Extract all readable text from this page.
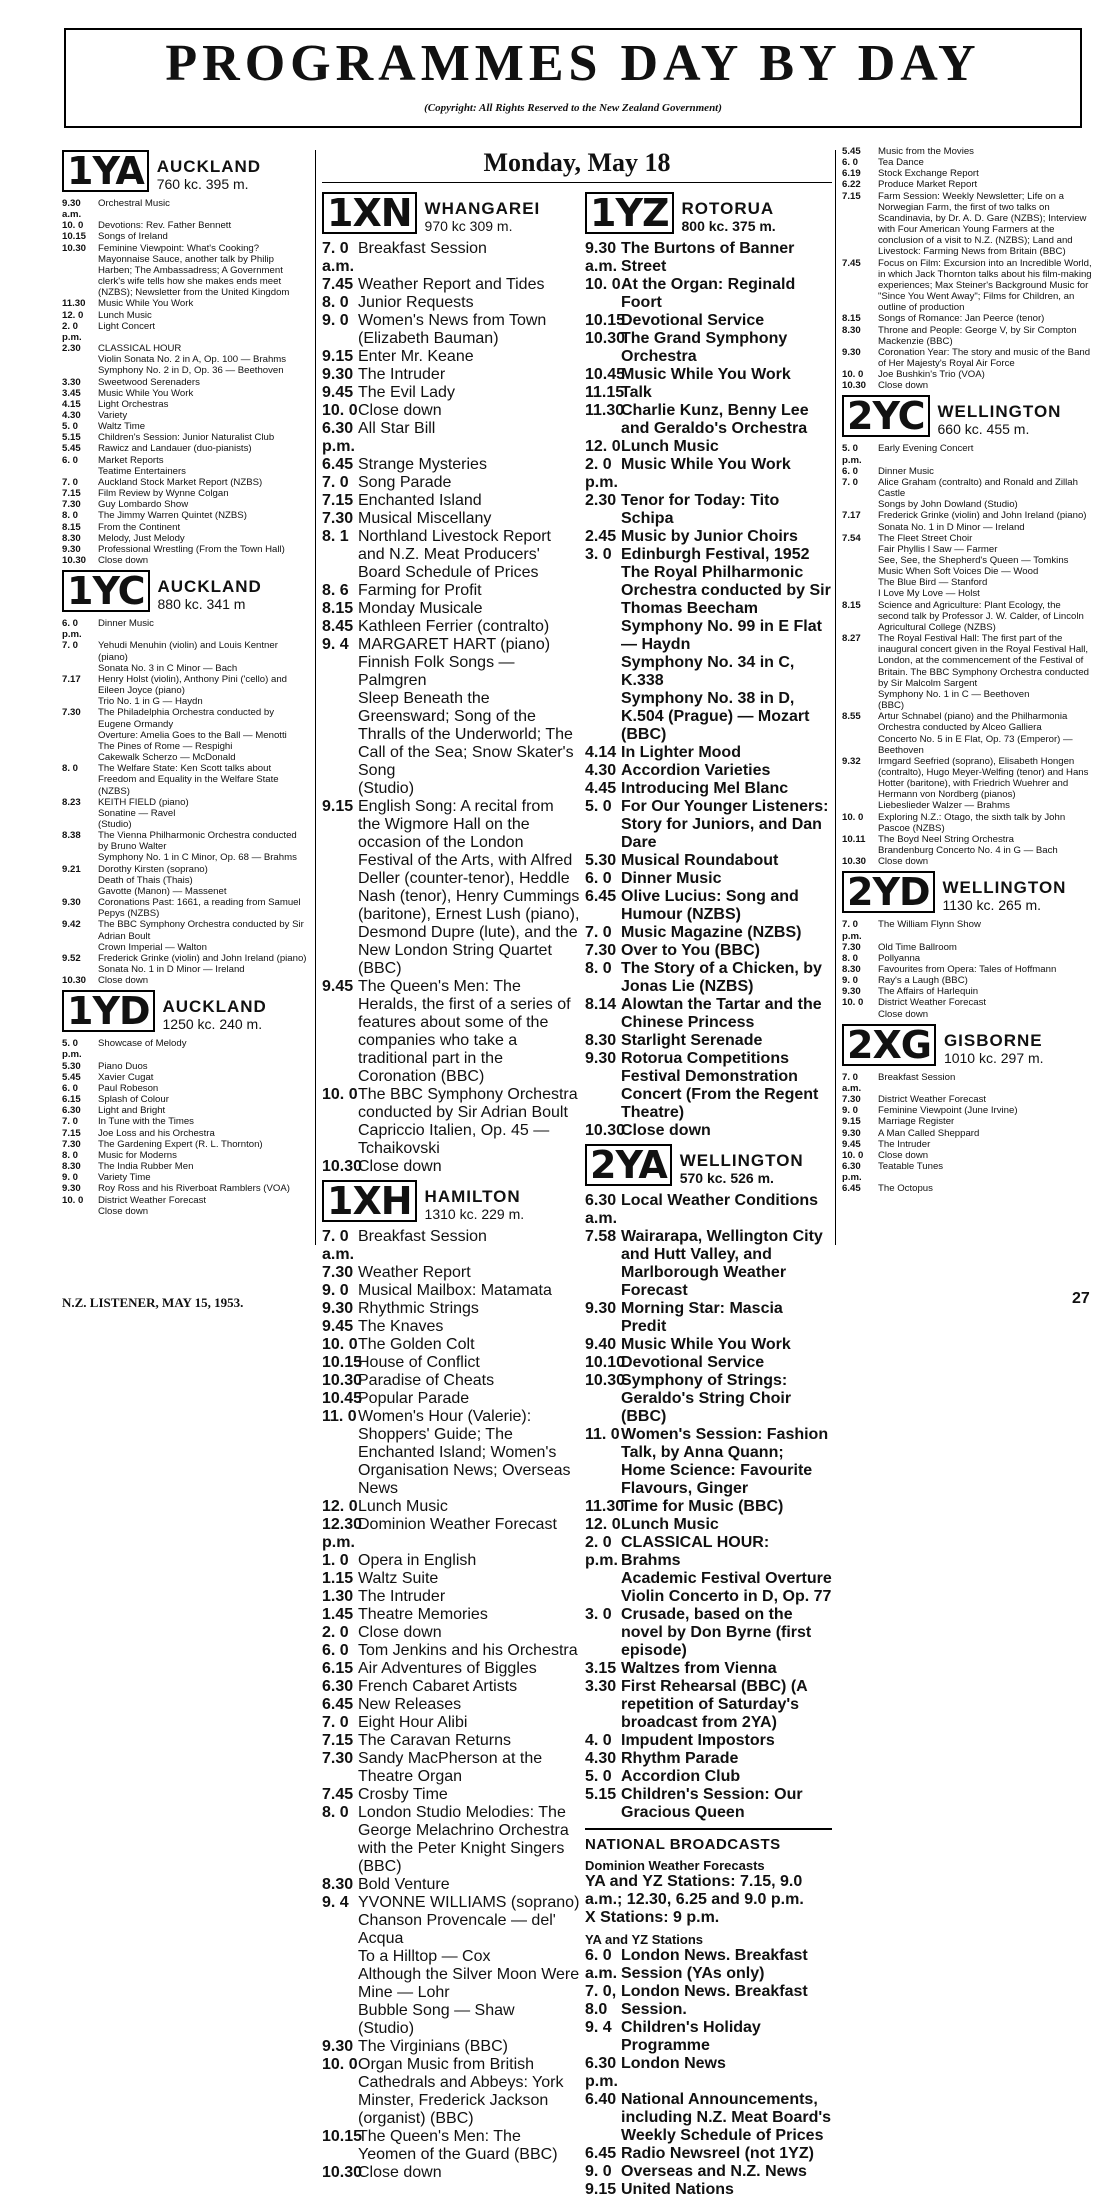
PROGRAMMES DAY BY DAY
(Copyright: All Rights Reserved to the New Zealand Government)
1YA AUCKLAND
760 kc. 395 m.
9.30 a.m.
Orchestral Music
10. 0	Devotions: Rev. Father Bennett
10.15	Songs of Ireland
10.30	Feminine Viewpoint: What's Cooking? Mayonnaise Sauce, another talk by Philip Harben; The Ambassadress; A Government clerk's wife tells how she makes ends meet (NZBS); Newsletter from the United Kingdom
11.30	Music While You Work
12. 0	Lunch Music
2. 0 p.m.
Light Concert
2.30	CLASSICAL HOUR
Violin Sonata No. 2 in A, Op. 100 — Brahms
Symphony No. 2 in D, Op. 36 — Beethoven
3.30	Sweetwood Serenaders
3.45	Music While You Work
4.15	Light Orchestras
4.30	Variety
5. 0	Waltz Time
5.15	Children's Session: Junior Naturalist Club
5.45	Rawicz and Landauer (duo-pianists)
6. 0	Market Reports
Teatime Entertainers
7. 0	Auckland Stock Market Report (NZBS)
7.15	Film Review by Wynne Colgan
7.30	Guy Lombardo Show
8. 0	The Jimmy Warren Quintet (NZBS)
8.15	From the Continent
8.30	Melody, Just Melody
9.30	Professional Wrestling (From the Town Hall)
10.30	Close down
1YC AUCKLAND
880 kc. 341 m
6. 0 p.m.
Dinner Music
7. 0	Yehudi Menuhin (violin) and Louis Kentner (piano)
Sonata No. 3 in C Minor — Bach
7.17	Henry Holst (violin), Anthony Pini ('cello) and Eileen Joyce (piano)
Trio No. 1 in G — Haydn
7.30	The Philadelphia Orchestra conducted by Eugene Ormandy
Overture: Amelia Goes to the Ball — Menotti
The Pines of Rome — Respighi
Cakewalk Scherzo — McDonald
8. 0	The Welfare State: Ken Scott talks about Freedom and Equality in the Welfare State (NZBS)
8.23	KEITH FIELD (piano)
Sonatine — Ravel
(Studio)
8.38	The Vienna Philharmonic Orchestra conducted by Bruno Walter
Symphony No. 1 in C Minor, Op. 68 — Brahms
9.21	Dorothy Kirsten (soprano)
Death of Thais (Thais)
Gavotte (Manon) — Massenet
9.30	Coronations Past: 1661, a reading from Samuel Pepys (NZBS)
9.42	The BBC Symphony Orchestra conducted by Sir Adrian Boult
Crown Imperial — Walton
9.52	Frederick Grinke (violin) and John Ireland (piano)
Sonata No. 1 in D Minor — Ireland
10.30	Close down
1YD AUCKLAND
1250 kc. 240 m.
5. 0 p.m.
Showcase of Melody
5.30	Piano Duos
5.45	Xavier Cugat
6. 0	Paul Robeson
6.15	Splash of Colour
6.30	Light and Bright
7. 0	In Tune with the Times
7.15	Joe Loss and his Orchestra
7.30	The Gardening Expert (R. L. Thornton)
8. 0	Music for Moderns
8.30	The India Rubber Men
9. 0	Variety Time
9.30	Roy Ross and his Riverboat Ramblers (VOA)
10. 0	District Weather Forecast
Close down
Monday, May 18
1XN WHANGAREI
970 kc 309 m.
7. 0 a.m.
Breakfast Session
7.45 Weather Report and Tides
8. 0 Junior Requests
9. 0 Women's News from Town (Elizabeth Bauman)
9.15 Enter Mr. Keane
9.30 The Intruder
9.45 The Evil Lady
10. 0 Close down
6.30 p.m.
All Star Bill
6.45 Strange Mysteries
7. 0 Song Parade
7.15 Enchanted Island
7.30 Musical Miscellany
8. 1 Northland Livestock Report and N.Z. Meat Producers' Board Schedule of Prices
8. 6 Farming for Profit
8.15 Monday Musicale
8.45 Kathleen Ferrier (contralto)
9. 4 MARGARET HART (piano)
Finnish Folk Songs — Palmgren
Sleep Beneath the Greensward; Song of the Thralls of the Underworld; The Call of the Sea; Snow Skater's Song
(Studio)
9.15 English Song: A recital from the Wigmore Hall on the occasion of the London Festival of the Arts, with Alfred Deller (counter-tenor), Heddle Nash (tenor), Henry Cummings (baritone), Ernest Lush (piano), Desmond Dupre (lute), and the New London String Quartet (BBC)
9.45 The Queen's Men: The Heralds, the first of a series of features about some of the companies who take a traditional part in the Coronation (BBC)
10. 0 The BBC Symphony Orchestra conducted by Sir Adrian Boult
Capriccio Italien, Op. 45 — Tchaikovski
10.30
Close down
1XH HAMILTON
1310 kc. 229 m.
7. 0 a.m.
Breakfast Session
7.30 Weather Report
9. 0 Musical Mailbox: Matamata
9.30 Rhythmic Strings
9.45 The Knaves
10. 0 The Golden Colt
10.15
House of Conflict
10.30
Paradise of Cheats
10.45
Popular Parade
11. 0 Women's Hour (Valerie): Shoppers' Guide; The Enchanted Island; Women's Organisation News; Overseas News
12. 0 Lunch Music
12.30 p.m.
Dominion Weather Forecast
1. 0 Opera in English
1.15 Waltz Suite
1.30 The Intruder
1.45 Theatre Memories
2. 0 Close down
6. 0 Tom Jenkins and his Orchestra
6.15 Air Adventures of Biggles
6.30 French Cabaret Artists
6.45 New Releases
7. 0 Eight Hour Alibi
7.15 The Caravan Returns
7.30 Sandy MacPherson at the Theatre Organ
7.45 Crosby Time
8. 0 London Studio Melodies: The George Melachrino Orchestra with the Peter Knight Singers (BBC)
8.30 Bold Venture
9. 4 YVONNE WILLIAMS (soprano)
Chanson Provencale — del' Acqua
To a Hilltop — Cox
Although the Silver Moon Were Mine — Lohr
Bubble Song — Shaw
(Studio)
9.30 The Virginians (BBC)
10. 0 Organ Music from British Cathedrals and Abbeys: York Minster, Frederick Jackson (organist) (BBC)
10.15
The Queen's Men: The Yeomen of the Guard (BBC)
10.30
Close down
1YZ ROTORUA
800 kc. 375 m.
9.30 a.m.
The Burtons of Banner Street
10. 0 At the Organ: Reginald Foort
10.15
Devotional Service
10.30
The Grand Symphony Orchestra
10.45
Music While You Work
11.15
Talk
11.30
Charlie Kunz, Benny Lee and Geraldo's Orchestra
12. 0 Lunch Music
2. 0 p.m.
Music While You Work
2.30 Tenor for Today: Tito Schipa
2.45 Music by Junior Choirs
3. 0 Edinburgh Festival, 1952
The Royal Philharmonic Orchestra conducted by Sir Thomas Beecham
Symphony No. 99 in E Flat — Haydn
Symphony No. 34 in C, K.338
Symphony No. 38 in D, K.504 (Prague) — Mozart
(BBC)
4.14 In Lighter Mood
4.30 Accordion Varieties
4.45 Introducing Mel Blanc
5. 0 For Our Younger Listeners: Story for Juniors, and Dan Dare
5.30 Musical Roundabout
6. 0 Dinner Music
6.45 Olive Lucius: Song and Humour (NZBS)
7. 0 Music Magazine (NZBS)
7.30 Over to You (BBC)
8. 0 The Story of a Chicken, by Jonas Lie (NZBS)
8.14 Alowtan the Tartar and the Chinese Princess
8.30 Starlight Serenade
9.30 Rotorua Competitions Festival Demonstration Concert (From the Regent Theatre)
10.30
Close down
2YA WELLINGTON
570 kc. 526 m.
6.30 a.m.
Local Weather Conditions
7.58 Wairarapa, Wellington City and Hutt Valley, and Marlborough Weather Forecast
9.30 Morning Star: Mascia Predit
9.40 Music While You Work
10.10
Devotional Service
10.30
Symphony of Strings: Geraldo's String Choir (BBC)
11. 0 Women's Session: Fashion Talk, by Anna Quann; Home Science: Favourite Flavours, Ginger
11.30
Time for Music (BBC)
12. 0 Lunch Music
2. 0 p.m.
CLASSICAL HOUR: Brahms
Academic Festival Overture
Violin Concerto in D, Op. 77
3. 0 Crusade, based on the novel by Don Byrne (first episode)
3.15 Waltzes from Vienna
3.30 First Rehearsal (BBC) (A repetition of Saturday's broadcast from 2YA)
4. 0 Impudent Impostors
4.30 Rhythm Parade
5. 0 Accordion Club
5.15 Children's Session: Our Gracious Queen
NATIONAL BROADCASTS
Dominion Weather Forecasts
YA and YZ Stations: 7.15, 9.0 a.m.; 12.30, 6.25 and 9.0 p.m.
X Stations: 9 p.m.
YA and YZ Stations
6. 0 a.m.
London News. Breakfast Session (YAs only)
7. 0, 8.0
London News. Breakfast Session.
9. 4 Children's Holiday Programme
6.30 p.m.
London News
6.40 National Announcements, including N.Z. Meat Board's Weekly Schedule of Prices
6.45 Radio Newsreel (not 1YZ)
9. 0 Overseas and N.Z. News
9.15 United Nations
5.45	Music from the Movies
6. 0	Tea Dance
6.19	Stock Exchange Report
6.22	Produce Market Report
7.15	Farm Session: Weekly Newsletter; Life on a Norwegian Farm, the first of two talks on Scandinavia, by Dr. A. D. Gare (NZBS); Interview with Four American Young Farmers at the conclusion of a visit to N.Z. (NZBS); Land and Livestock: Farming News from Britain (BBC)
7.45	Focus on Film: Excursion into an Incredible World, in which Jack Thornton talks about his film-making experiences; Max Steiner's Background Music for "Since You Went Away"; Films for Children, an outline of production
8.15	Songs of Romance: Jan Peerce (tenor)
8.30	Throne and People: George V, by Sir Compton Mackenzie (BBC)
9.30	Coronation Year: The story and music of the Band of Her Majesty's Royal Air Force
10. 0	Joe Bushkin's Trio (VOA)
10.30	Close down
2YC WELLINGTON
660 kc. 455 m.
5. 0 p.m.
Early Evening Concert
6. 0	Dinner Music
7. 0	Alice Graham (contralto) and Ronald and Zillah Castle
Songs by John Dowland (Studio)
7.17	Frederick Grinke (violin) and John Ireland (piano)
Sonata No. 1 in D Minor — Ireland
7.54	The Fleet Street Choir
Fair Phyllis I Saw — Farmer
See, See, the Shepherd's Queen — Tomkins
Music When Soft Voices Die — Wood
The Blue Bird — Stanford
I Love My Love — Holst
8.15	Science and Agriculture: Plant Ecology, the second talk by Professor J. W. Calder, of Lincoln Agricultural College (NZBS)
8.27	The Royal Festival Hall: The first part of the inaugural concert given in the Royal Festival Hall, London, at the commencement of the Festival of Britain. The BBC Symphony Orchestra conducted by Sir Malcolm Sargent
Symphony No. 1 in C — Beethoven
(BBC)
8.55	Artur Schnabel (piano) and the Philharmonia Orchestra conducted by Alceo Galliera
Concerto No. 5 in E Flat, Op. 73 (Emperor) — Beethoven
9.32	Irmgard Seefried (soprano), Elisabeth Hongen (contralto), Hugo Meyer-Welfing (tenor) and Hans Hotter (baritone), with Friedrich Wuehrer and Hermann von Nordberg (pianos)
Liebeslieder Walzer — Brahms
10. 0	Exploring N.Z.: Otago, the sixth talk by John Pascoe (NZBS)
10.11	The Boyd Neel String Orchestra
Brandenburg Concerto No. 4 in G — Bach
10.30	Close down
2YD WELLINGTON
1130 kc. 265 m.
7. 0 p.m.
The William Flynn Show
7.30	Old Time Ballroom
8. 0	Pollyanna
8.30	Favourites from Opera: Tales of Hoffmann
9. 0	Ray's a Laugh (BBC)
9.30	The Affairs of Harlequin
10. 0	District Weather Forecast
Close down
2XG GISBORNE
1010 kc. 297 m.
7. 0 a.m.
Breakfast Session
7.30	District Weather Forecast
9. 0	Feminine Viewpoint (June Irvine)
9.15	Marriage Register
9.30	A Man Called Sheppard
9.45	The Intruder
10. 0	Close down
6.30 p.m.
Teatable Tunes
6.45	The Octopus
N.Z. LISTENER, MAY 15, 1953.	27
